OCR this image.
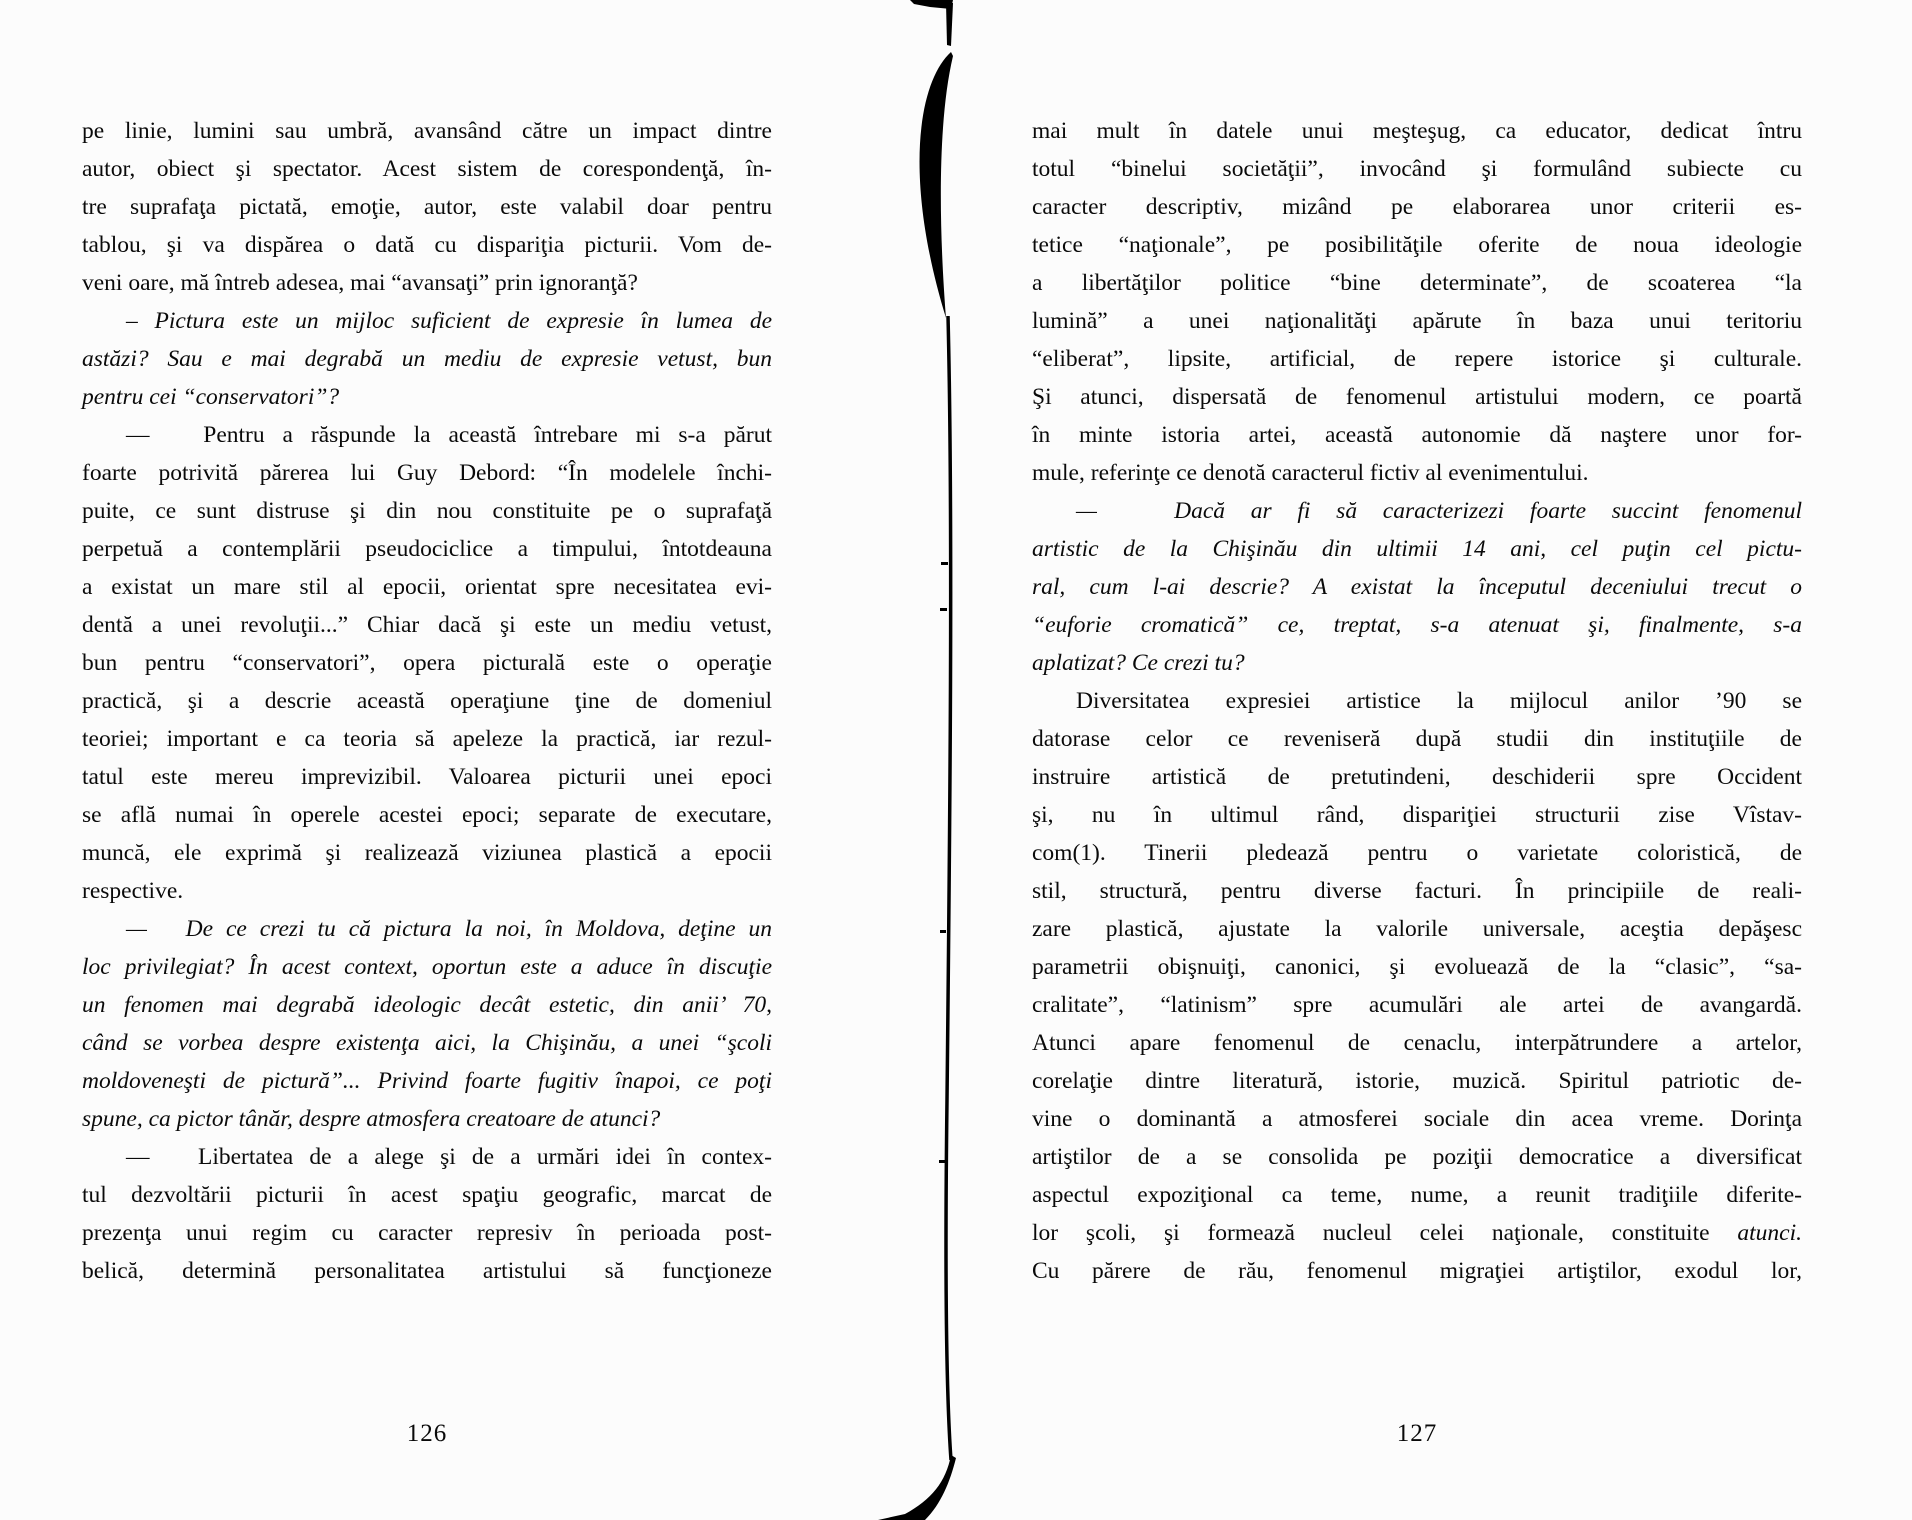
pe linie, lumini sau umbră, avansând către un impact dintre
autor, obiect şi spectator. Acest sistem de corespondenţă, în-
tre suprafaţa pictată, emoţie, autor, este valabil doar pentru
tablou, şi va dispărea o dată cu dispariţia picturii. Vom de-
veni oare, mă întreb adesea, mai “avansaţi” prin ignoranţă?
– Pictura este un mijloc suficient de expresie în lumea de
astăzi? Sau e mai degrabă un mediu de expresie vetust, bun
pentru cei “conservatori”?
—   Pentru a răspunde la această întrebare mi s-a părut
foarte potrivită părerea lui Guy Debord: “În modelele închi-
puite, ce sunt distruse şi din nou constituite pe o suprafaţă
perpetuă a contemplării pseudociclice a timpului, întotdeauna
a existat un mare stil al epocii, orientat spre necesitatea evi-
dentă a unei revoluţii...” Chiar dacă şi este un mediu vetust,
bun pentru “conservatori”, opera picturală este o operaţie
practică, şi a descrie această operaţiune ţine de domeniul
teoriei; important e ca teoria să apeleze la practică, iar rezul-
tatul este mereu imprevizibil. Valoarea picturii unei epoci
se află numai în operele acestei epoci; separate de executare,
muncă, ele exprimă şi realizează viziunea plastică a epocii
respective.
—   De ce crezi tu că pictura la noi, în Moldova, deţine un
loc privilegiat? În acest context, oportun este a aduce în discuţie
un fenomen mai degrabă ideologic decât estetic, din anii’ 70,
când se vorbea despre existenţa aici, la Chişinău, a unei “şcoli
moldoveneşti de pictură”... Privind foarte fugitiv înapoi, ce poţi
spune, ca pictor tânăr, despre atmosfera creatoare de atunci?
—   Libertatea de a alege şi de a urmări idei în contex-
tul dezvoltării picturii în acest spaţiu geografic, marcat de
prezenţa unui regim cu caracter represiv în perioada post-
belică, determină personalitatea artistului să funcţioneze
126
mai mult în datele unui meşteşug, ca educator, dedicat întru
totul “binelui societăţii”, invocând şi formulând subiecte cu
caracter descriptiv, mizând pe elaborarea unor criterii es-
tetice “naţionale”, pe posibilităţile oferite de noua ideologie
a libertăţilor politice “bine determinate”, de scoaterea “la
lumină” a unei naţionalităţi apărute în baza unui teritoriu
“eliberat”, lipsite, artificial, de repere istorice şi culturale.
Şi atunci, dispersată de fenomenul artistului modern, ce poartă
în minte istoria artei, această autonomie dă naştere unor for-
mule, referinţe ce denotă caracterul fictiv al evenimentului.
—   Dacă ar fi să caracterizezi foarte succint fenomenul
artistic de la Chişinău din ultimii 14 ani, cel puţin cel pictu-
ral, cum l-ai descrie? A existat la începutul deceniului trecut o
“euforie cromatică” ce, treptat, s-a atenuat şi, finalmente, s-a
aplatizat? Ce crezi tu?
Diversitatea expresiei artistice la mijlocul anilor ’90 se
datorase celor ce reveniseră după studii din instituţiile de
instruire artistică de pretutindeni, deschiderii spre Occident
şi, nu în ultimul rând, dispariţiei structurii zise Vîstav-
com(1). Tinerii pledează pentru o varietate coloristică, de
stil, structură, pentru diverse facturi. În principiile de reali-
zare plastică, ajustate la valorile universale, aceştia depăşesc
parametrii obişnuiţi, canonici, şi evoluează de la “clasic”, “sa-
cralitate”, “latinism” spre acumulări ale artei de avangardă.
Atunci apare fenomenul de cenaclu, interpătrundere a artelor,
corelaţie dintre literatură, istorie, muzică. Spiritul patriotic de-
vine o dominantă a atmosferei sociale din acea vreme. Dorinţa
artiştilor de a se consolida pe poziţii democratice a diversificat
aspectul expoziţional ca teme, nume, a reunit tradiţiile diferite-
lor şcoli, şi formează nucleul celei naţionale, constituite atunci.
Cu părere de rău, fenomenul migraţiei artiştilor, exodul lor,
127
